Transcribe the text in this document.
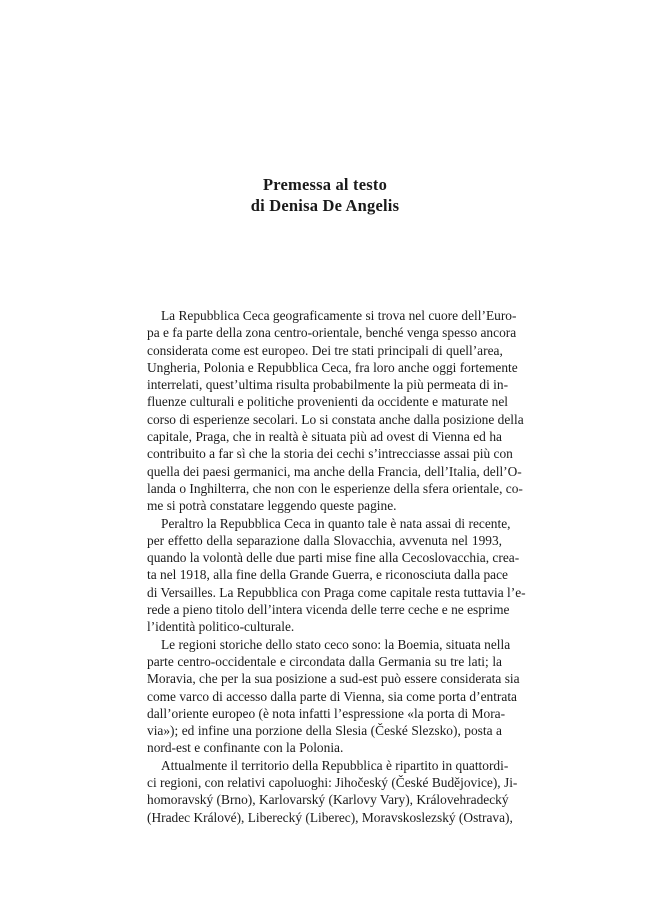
Premessa al testo
di Denisa De Angelis
La Repubblica Ceca geograficamente si trova nel cuore dell’Euro-
pa e fa parte della zona centro-orientale, benché venga spesso ancora
considerata come est europeo. Dei tre stati principali di quell’area,
Ungheria, Polonia e Repubblica Ceca, fra loro anche oggi fortemente
interrelati, quest’ultima risulta probabilmente la più permeata di in-
fluenze culturali e politiche provenienti da occidente e maturate nel
corso di esperienze secolari. Lo si constata anche dalla posizione della
capitale, Praga, che in realtà è situata più ad ovest di Vienna ed ha
contribuito a far sì che la storia dei cechi s’intrecciasse assai più con
quella dei paesi germanici, ma anche della Francia, dell’Italia, dell’O-
landa o Inghilterra, che non con le esperienze della sfera orientale, co-
me si potrà constatare leggendo queste pagine.
Peraltro la Repubblica Ceca in quanto tale è nata assai di recente,
per effetto della separazione dalla Slovacchia, avvenuta nel 1993,
quando la volontà delle due parti mise fine alla Cecoslovacchia, crea-
ta nel 1918, alla fine della Grande Guerra, e riconosciuta dalla pace
di Versailles. La Repubblica con Praga come capitale resta tuttavia l’e-
rede a pieno titolo dell’intera vicenda delle terre ceche e ne esprime
l’identità politico-culturale.
Le regioni storiche dello stato ceco sono: la Boemia, situata nella
parte centro-occidentale e circondata dalla Germania su tre lati; la
Moravia, che per la sua posizione a sud-est può essere considerata sia
come varco di accesso dalla parte di Vienna, sia come porta d’entrata
dall’oriente europeo (è nota infatti l’espressione «la porta di Mora-
via»); ed infine una porzione della Slesia (České Slezsko), posta a
nord-est e confinante con la Polonia.
Attualmente il territorio della Repubblica è ripartito in quattordi-
ci regioni, con relativi capoluoghi: Jihočeský (České Budějovice), Ji-
homoravský (Brno), Karlovarský (Karlovy Vary), Královehradecký
(Hradec Králové), Liberecký (Liberec), Moravskoslezský (Ostrava),
